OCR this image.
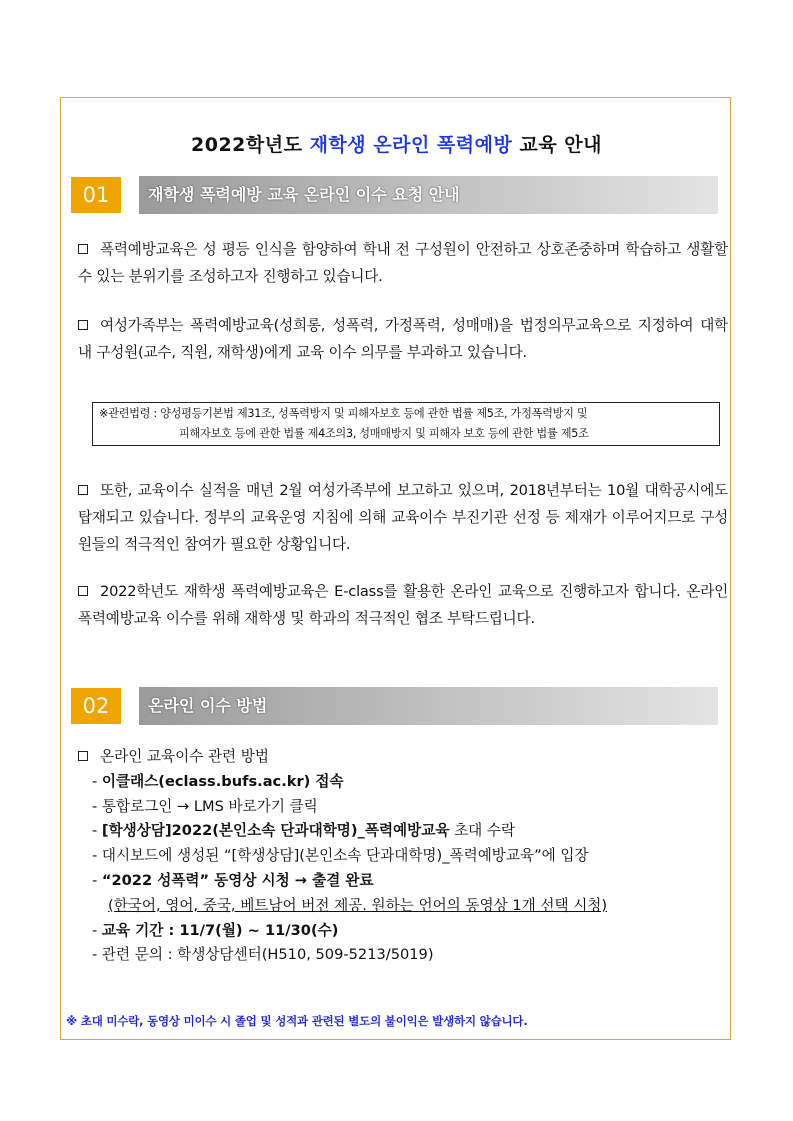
2022학년도 재학생 온라인 폭력예방 교육 안내
01	재학생 폭력예방 교육 온라인 이수 요청 안내
폭력예방교육은 성 평등 인식을 함양하여 학내 전 구성원이 안전하고 상호존중하며 학습하고 생활할 수 있는 분위기를 조성하고자 진행하고 있습니다.
여성가족부는 폭력예방교육(성희롱, 성폭력, 가정폭력, 성매매)을 법정의무교육으로 지정하여 대학 내 구성원(교수, 직원, 재학생)에게 교육 이수 의무를 부과하고 있습니다.
※관련법령 : 양성평등기본법 제31조, 성폭력방지 및 피해자보호 등에 관한 법률 제5조, 가정폭력방지 및
피해자보호 등에 관한 법률 제4조의3, 성매매방지 및 피해자 보호 등에 관한 법률 제5조
또한, 교육이수 실적을 매년 2월 여성가족부에 보고하고 있으며, 2018년부터는 10월 대학공시에도 탑재되고 있습니다. 정부의 교육운영 지침에 의해 교육이수 부진기관 선정 등 제재가 이루어지므로 구성원들의 적극적인 참여가 필요한 상황입니다.
2022학년도 재학생 폭력예방교육은 E-class를 활용한 온라인 교육으로 진행하고자 합니다. 온라인 폭력예방교육 이수를 위해 재학생 및 학과의 적극적인 협조 부탁드립니다.
02	온라인 이수 방법
온라인 교육이수 관련 방법
- 이클래스(eclass.bufs.ac.kr) 접속
- 통합로그인 → LMS 바로가기 클릭
- [학생상담]2022(본인소속 단과대학명)_폭력예방교육 초대 수락
- 대시보드에 생성된 “[학생상담](본인소속 단과대학명)_폭력예방교육”에 입장
- “2022 성폭력” 동영상 시청 → 출결 완료
(한국어, 영어, 중국, 베트남어 버전 제공. 원하는 언어의 동영상 1개 선택 시청)
- 교육 기간 : 11/7(월) ~ 11/30(수)
- 관련 문의 : 학생상담센터(H510, 509-5213/5019)
※ 초대 미수락, 동영상 미이수 시 졸업 및 성적과 관련된 별도의 불이익은 발생하지 않습니다.
